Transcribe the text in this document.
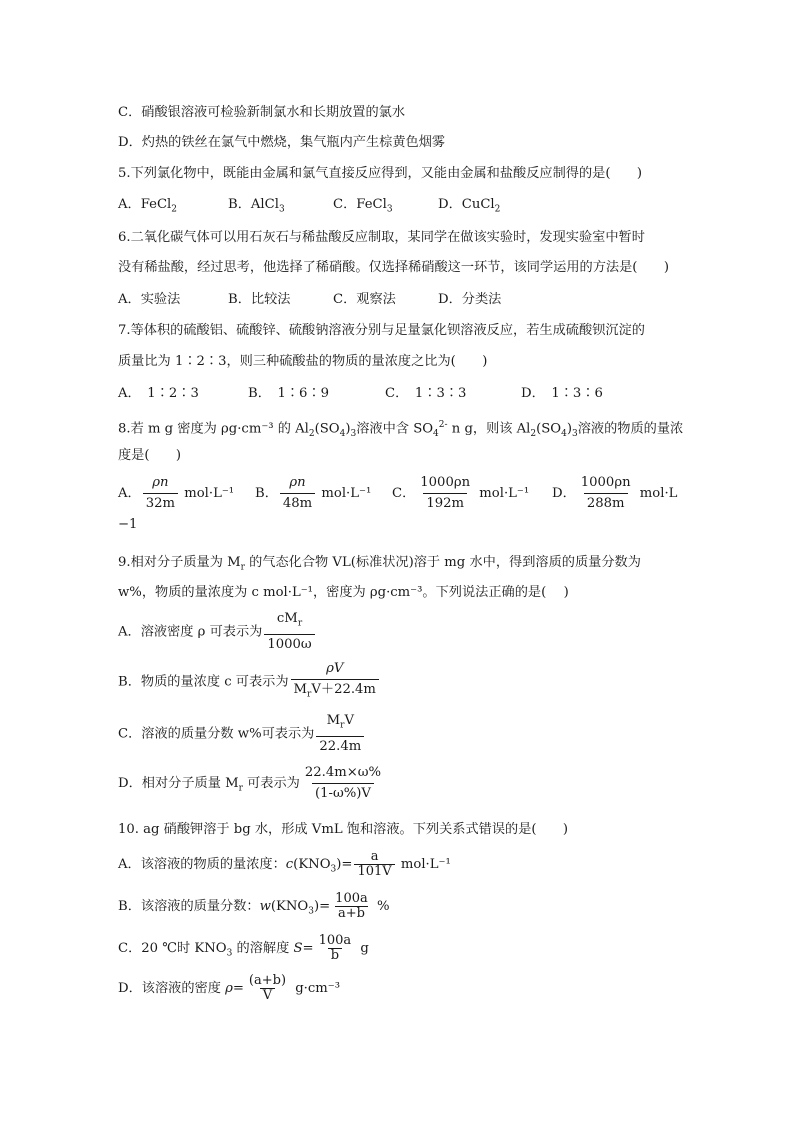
C．硝酸银溶液可检验新制氯水和长期放置的氯水
D．灼热的铁丝在氯气中燃烧，集气瓶内产生棕黄色烟雾
5.下列氯化物中，既能由金属和氯气直接反应得到，又能由金属和盐酸反应制得的是(　　)
A．FeCl$_2$	B．AlCl$_3$	C．FeCl$_3$	D．CuCl$_2$
6.二氧化碳气体可以用石灰石与稀盐酸反应制取，某同学在做该实验时，发现实验室中暂时
没有稀盐酸，经过思考，他选择了稀硝酸。仅选择稀硝酸这一环节，该同学运用的方法是(　　)
A．实验法	B．比较法	C．观察法	D．分类法
7.等体积的硫酸铝、硫酸锌、硫酸钠溶液分别与足量氯化钡溶液反应，若生成硫酸钡沉淀的
质量比为 1∶2∶3，则三种硫酸盐的物质的量浓度之比为(　　)
A．　1∶2∶3	B．　1∶6∶9	C．　1∶3∶3	D．　1∶3∶6
8.若 m g 密度为 ρg·cm⁻³ 的 $Al_2(SO_4)_3$溶液中含 $SO_4^{2-}$ n g，则该 $Al_2(SO_4)_3$溶液的物质的量浓
度是(　　)
A． $\frac{\rho n}{32m} mol\cdot L^{-1}$ B． $\frac{\rho n}{48m} mol\cdot L^{-1}$ C． $\frac{1000\rho n}{192m} mol\cdot L^{-1}$ D． $\frac{1000\rho n}{288m} mol\cdot L$
−1
9.相对分子质量为 $M_r$ 的气态化合物 VL(标准状况)溶于 mg 水中，得到溶质的质量分数为
w%，物质的量浓度为 c mol·L⁻¹，密度为 ρg·cm⁻³。下列说法正确的是(　 )
A．溶液密度 ρ 可表示为 $\frac{cM_r}{1000\omega}$
B．物质的量浓度 c 可表示为 $\frac{\rho V}{M_rV+22.4m}$
C．溶液的质量分数 w%可表示为 $\frac{M_rV}{22.4m}$
D．相对分子质量 $M_r$ 可表示为 $\frac{22.4m\times\omega\%}{(1-\omega\%)V}$
10. ag 硝酸钾溶于 bg 水，形成 VmL 饱和溶液。下列关系式错误的是(　　)
A．该溶液的物质的量浓度：$c(KNO_3)= \frac{a}{101V} mol\cdot L^{-1}$
B．该溶液的质量分数：$w(KNO_3)= \frac{100a}{a+b}$ %
C．20 ℃时 $KNO_3$ 的溶解度 $S= \frac{100a}{b}$ g
D．该溶液的密度 $\rho= \frac{(a+b)}{V} g\cdot cm^{-3}$
